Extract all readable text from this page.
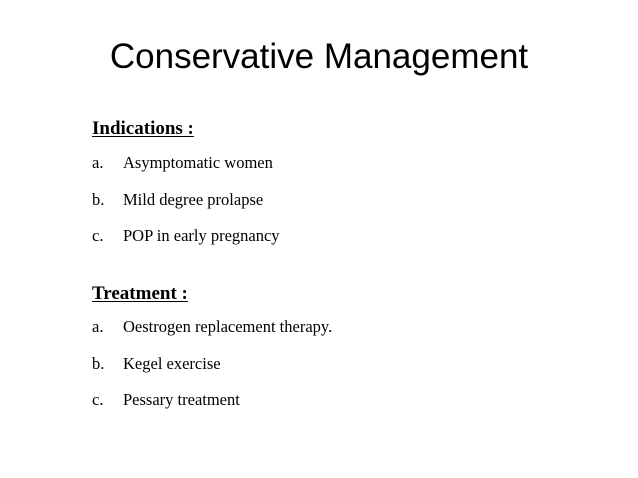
Conservative Management
Indications :
a. Asymptomatic women
b. Mild degree prolapse
c. POP in early pregnancy
Treatment :
a. Oestrogen replacement therapy.
b. Kegel exercise
c. Pessary treatment
